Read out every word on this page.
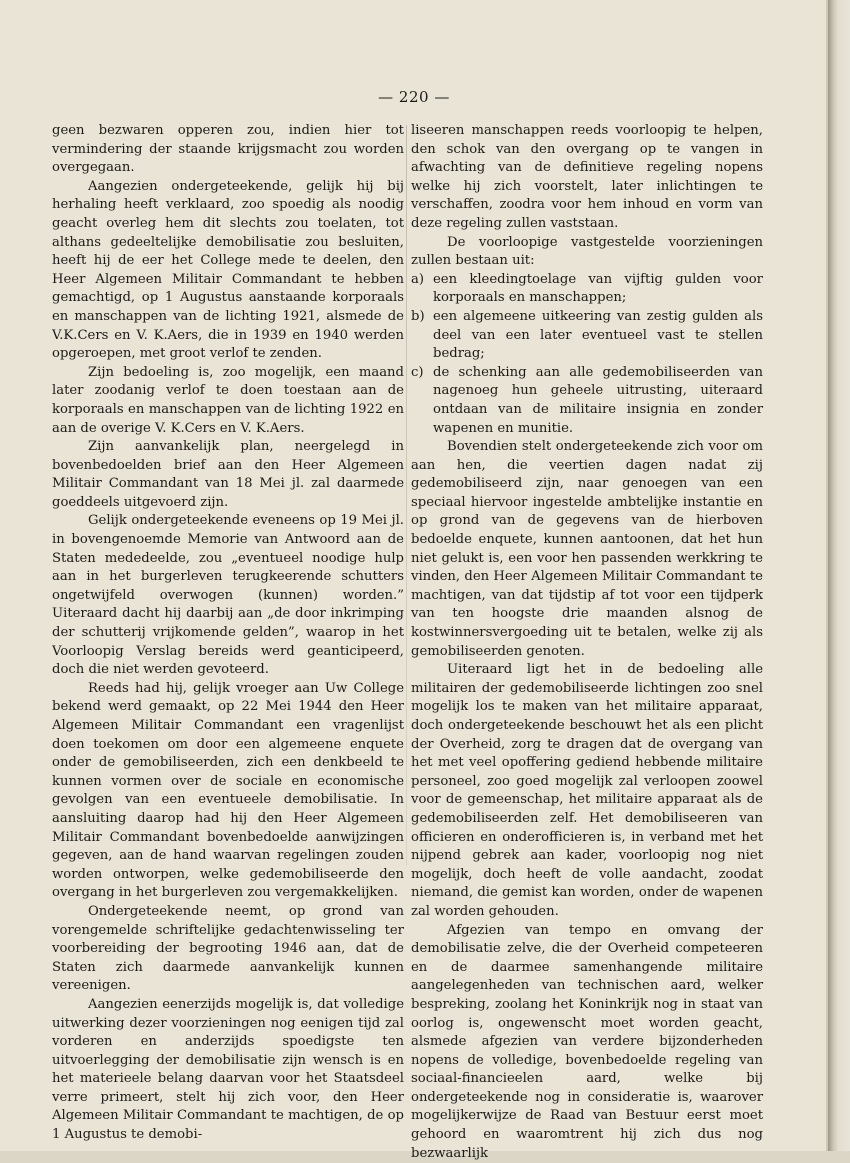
— 220 —

geen bezwaren opperen zou, indien hier tot vermindering der staande krijgsmacht zou worden overgegaan.

Aangezien ondergeteekende, gelijk hij bij herhaling heeft verklaard, zoo spoedig als noodig geacht overleg hem dit slechts zou toelaten, tot althans gedeeltelijke demobilisatie zou besluiten, heeft hij de eer het College mede te deelen, den Heer Algemeen Militair Commandant te hebben gemachtigd, op 1 Augustus aanstaande korporaals en manschappen van de lichting 1921, alsmede de V.K.Cers en V. K.Aers, die in 1939 en 1940 werden opgeroepen, met groot verlof te zenden.

Zijn bedoeling is, zoo mogelijk, een maand later zoodanig verlof te doen toestaan aan de korporaals en manschappen van de lichting 1922 en aan de overige V. K.Cers en V. K.Aers.

Zijn aanvankelijk plan, neergelegd in bovenbedoelden brief aan den Heer Algemeen Militair Commandant van 18 Mei jl. zal daarmede goeddeels uitgevoerd zijn.

Gelijk ondergeteekende eveneens op 19 Mei jl. in bovengenoemde Memorie van Antwoord aan de Staten mededeelde, zou „eventueel noodige hulp aan in het burgerleven terugkeerende schutters ongetwijfeld overwogen (kunnen) worden.” Uiteraard dacht hij daarbij aan „de door inkrimping der schutterij vrijkomende gelden”, waarop in het Voorloopig Verslag bereids werd geanticipeerd, doch die niet werden gevoteerd.

Reeds had hij, gelijk vroeger aan Uw College bekend werd gemaakt, op 22 Mei 1944 den Heer Algemeen Militair Commandant een vragenlijst doen toekomen om door een algemeene enquete onder de gemobiliseerden, zich een denkbeeld te kunnen vormen over de sociale en economische gevolgen van een eventueele demobilisatie. In aansluiting daarop had hij den Heer Algemeen Militair Commandant bovenbedoelde aanwijzingen gegeven, aan de hand waarvan regelingen zouden worden ontworpen, welke gedemobiliseerde den overgang in het burgerleven zou vergemakkelijken.

Ondergeteekende neemt, op grond van vorengemelde schriftelijke gedachtenwisseling ter voorbereiding der begrooting 1946 aan, dat de Staten zich daarmede aanvankelijk kunnen vereenigen.

Aangezien eenerzijds mogelijk is, dat volledige uitwerking dezer voorzieningen nog eenigen tijd zal vorderen en anderzijds spoedigste ten uitvoerlegging der demobilisatie zijn wensch is en het materieele belang daarvan voor het Staatsdeel verre primeert, stelt hij zich voor, den Heer Algemeen Militair Commandant te machtigen, de op 1 Augustus te demobi-

liseeren manschappen reeds voorloopig te helpen, den schok van den overgang op te vangen in afwachting van de definitieve regeling nopens welke hij zich voorstelt, later inlichtingen te verschaffen, zoodra voor hem inhoud en vorm van deze regeling zullen vaststaan.

De voorloopige vastgestelde voorzieningen zullen bestaan uit:

a) een kleedingtoelage van vijftig gulden voor korporaals en manschappen;
b) een algemeene uitkeering van zestig gulden als deel van een later eventueel vast te stellen bedrag;
c) de schenking aan alle gedemobiliseerden van nagenoeg hun geheele uitrusting, uiteraard ontdaan van de militaire insignia en zonder wapenen en munitie.

Bovendien stelt ondergeteekende zich voor om aan hen, die veertien dagen nadat zij gedemobiliseerd zijn, naar genoegen van een speciaal hiervoor ingestelde ambtelijke instantie en op grond van de gegevens van de hierboven bedoelde enquete, kunnen aantoonen, dat het hun niet gelukt is, een voor hen passenden werkkring te vinden, den Heer Algemeen Militair Commandant te machtigen, van dat tijdstip af tot voor een tijdperk van ten hoogste drie maanden alsnog de kostwinnersvergoeding uit te betalen, welke zij als gemobiliseerden genoten.

Uiteraard ligt het in de bedoeling alle militairen der gedemobiliseerde lichtingen zoo snel mogelijk los te maken van het militaire apparaat, doch ondergeteekende beschouwt het als een plicht der Overheid, zorg te dragen dat de overgang van het met veel opoffering gediend hebbende militaire personeel, zoo goed mogelijk zal verloopen zoowel voor de gemeenschap, het militaire apparaat als de gedemobiliseerden zelf. Het demobiliseeren van officieren en onderofficieren is, in verband met het nijpend gebrek aan kader, voorloopig nog niet mogelijk, doch heeft de volle aandacht, zoodat niemand, die gemist kan worden, onder de wapenen zal worden gehouden.

Afgezien van tempo en omvang der demobilisatie zelve, die der Overheid competeeren en de daarmee samenhangende militaire aangelegenheden van technischen aard, welker bespreking, zoolang het Koninkrijk nog in staat van oorlog is, ongewenscht moet worden geacht, alsmede afgezien van verdere bijzonderheden nopens de volledige, bovenbedoelde regeling van sociaal-financieelen aard, welke bij ondergeteekende nog in consideratie is, waarover mogelijkerwijze de Raad van Bestuur eerst moet gehoord en waaromtrent hij zich dus nog bezwaarlijk
